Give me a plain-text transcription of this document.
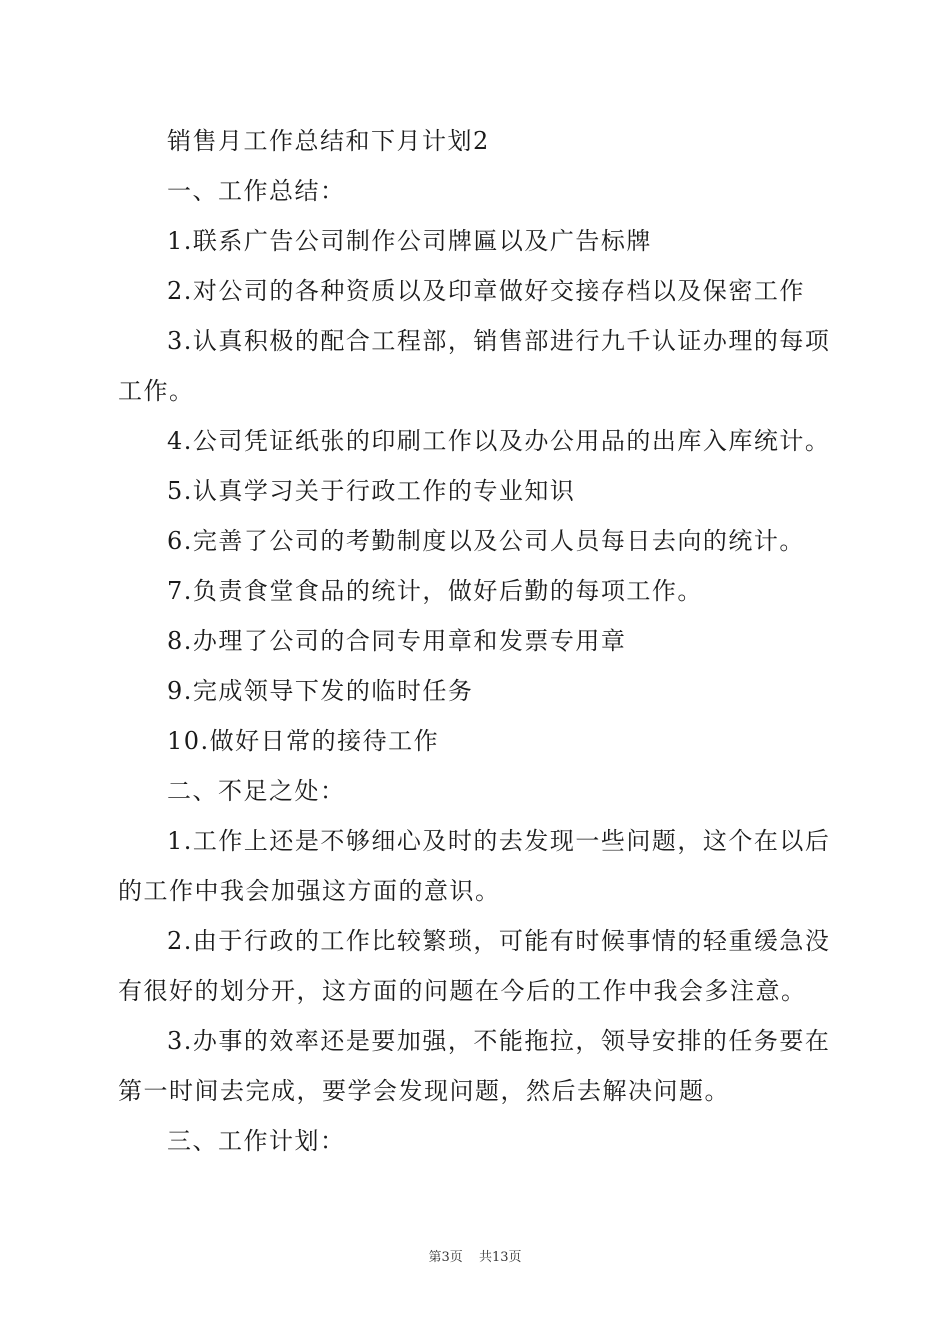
销售月工作总结和下月计划2

一、工作总结：

1.联系广告公司制作公司牌匾以及广告标牌

2.对公司的各种资质以及印章做好交接存档以及保密工作

3.认真积极的配合工程部，销售部进行九千认证办理的每项工作。

4.公司凭证纸张的印刷工作以及办公用品的出库入库统计。

5.认真学习关于行政工作的专业知识

6.完善了公司的考勤制度以及公司人员每日去向的统计。

7.负责食堂食品的统计，做好后勤的每项工作。

8.办理了公司的合同专用章和发票专用章

9.完成领导下发的临时任务

10.做好日常的接待工作

二、不足之处：

1.工作上还是不够细心及时的去发现一些问题，这个在以后的工作中我会加强这方面的意识。

2.由于行政的工作比较繁琐，可能有时候事情的轻重缓急没有很好的划分开，这方面的问题在今后的工作中我会多注意。

3.办事的效率还是要加强，不能拖拉，领导安排的任务要在第一时间去完成，要学会发现问题，然后去解决问题。

三、工作计划：

第3页 共13页
